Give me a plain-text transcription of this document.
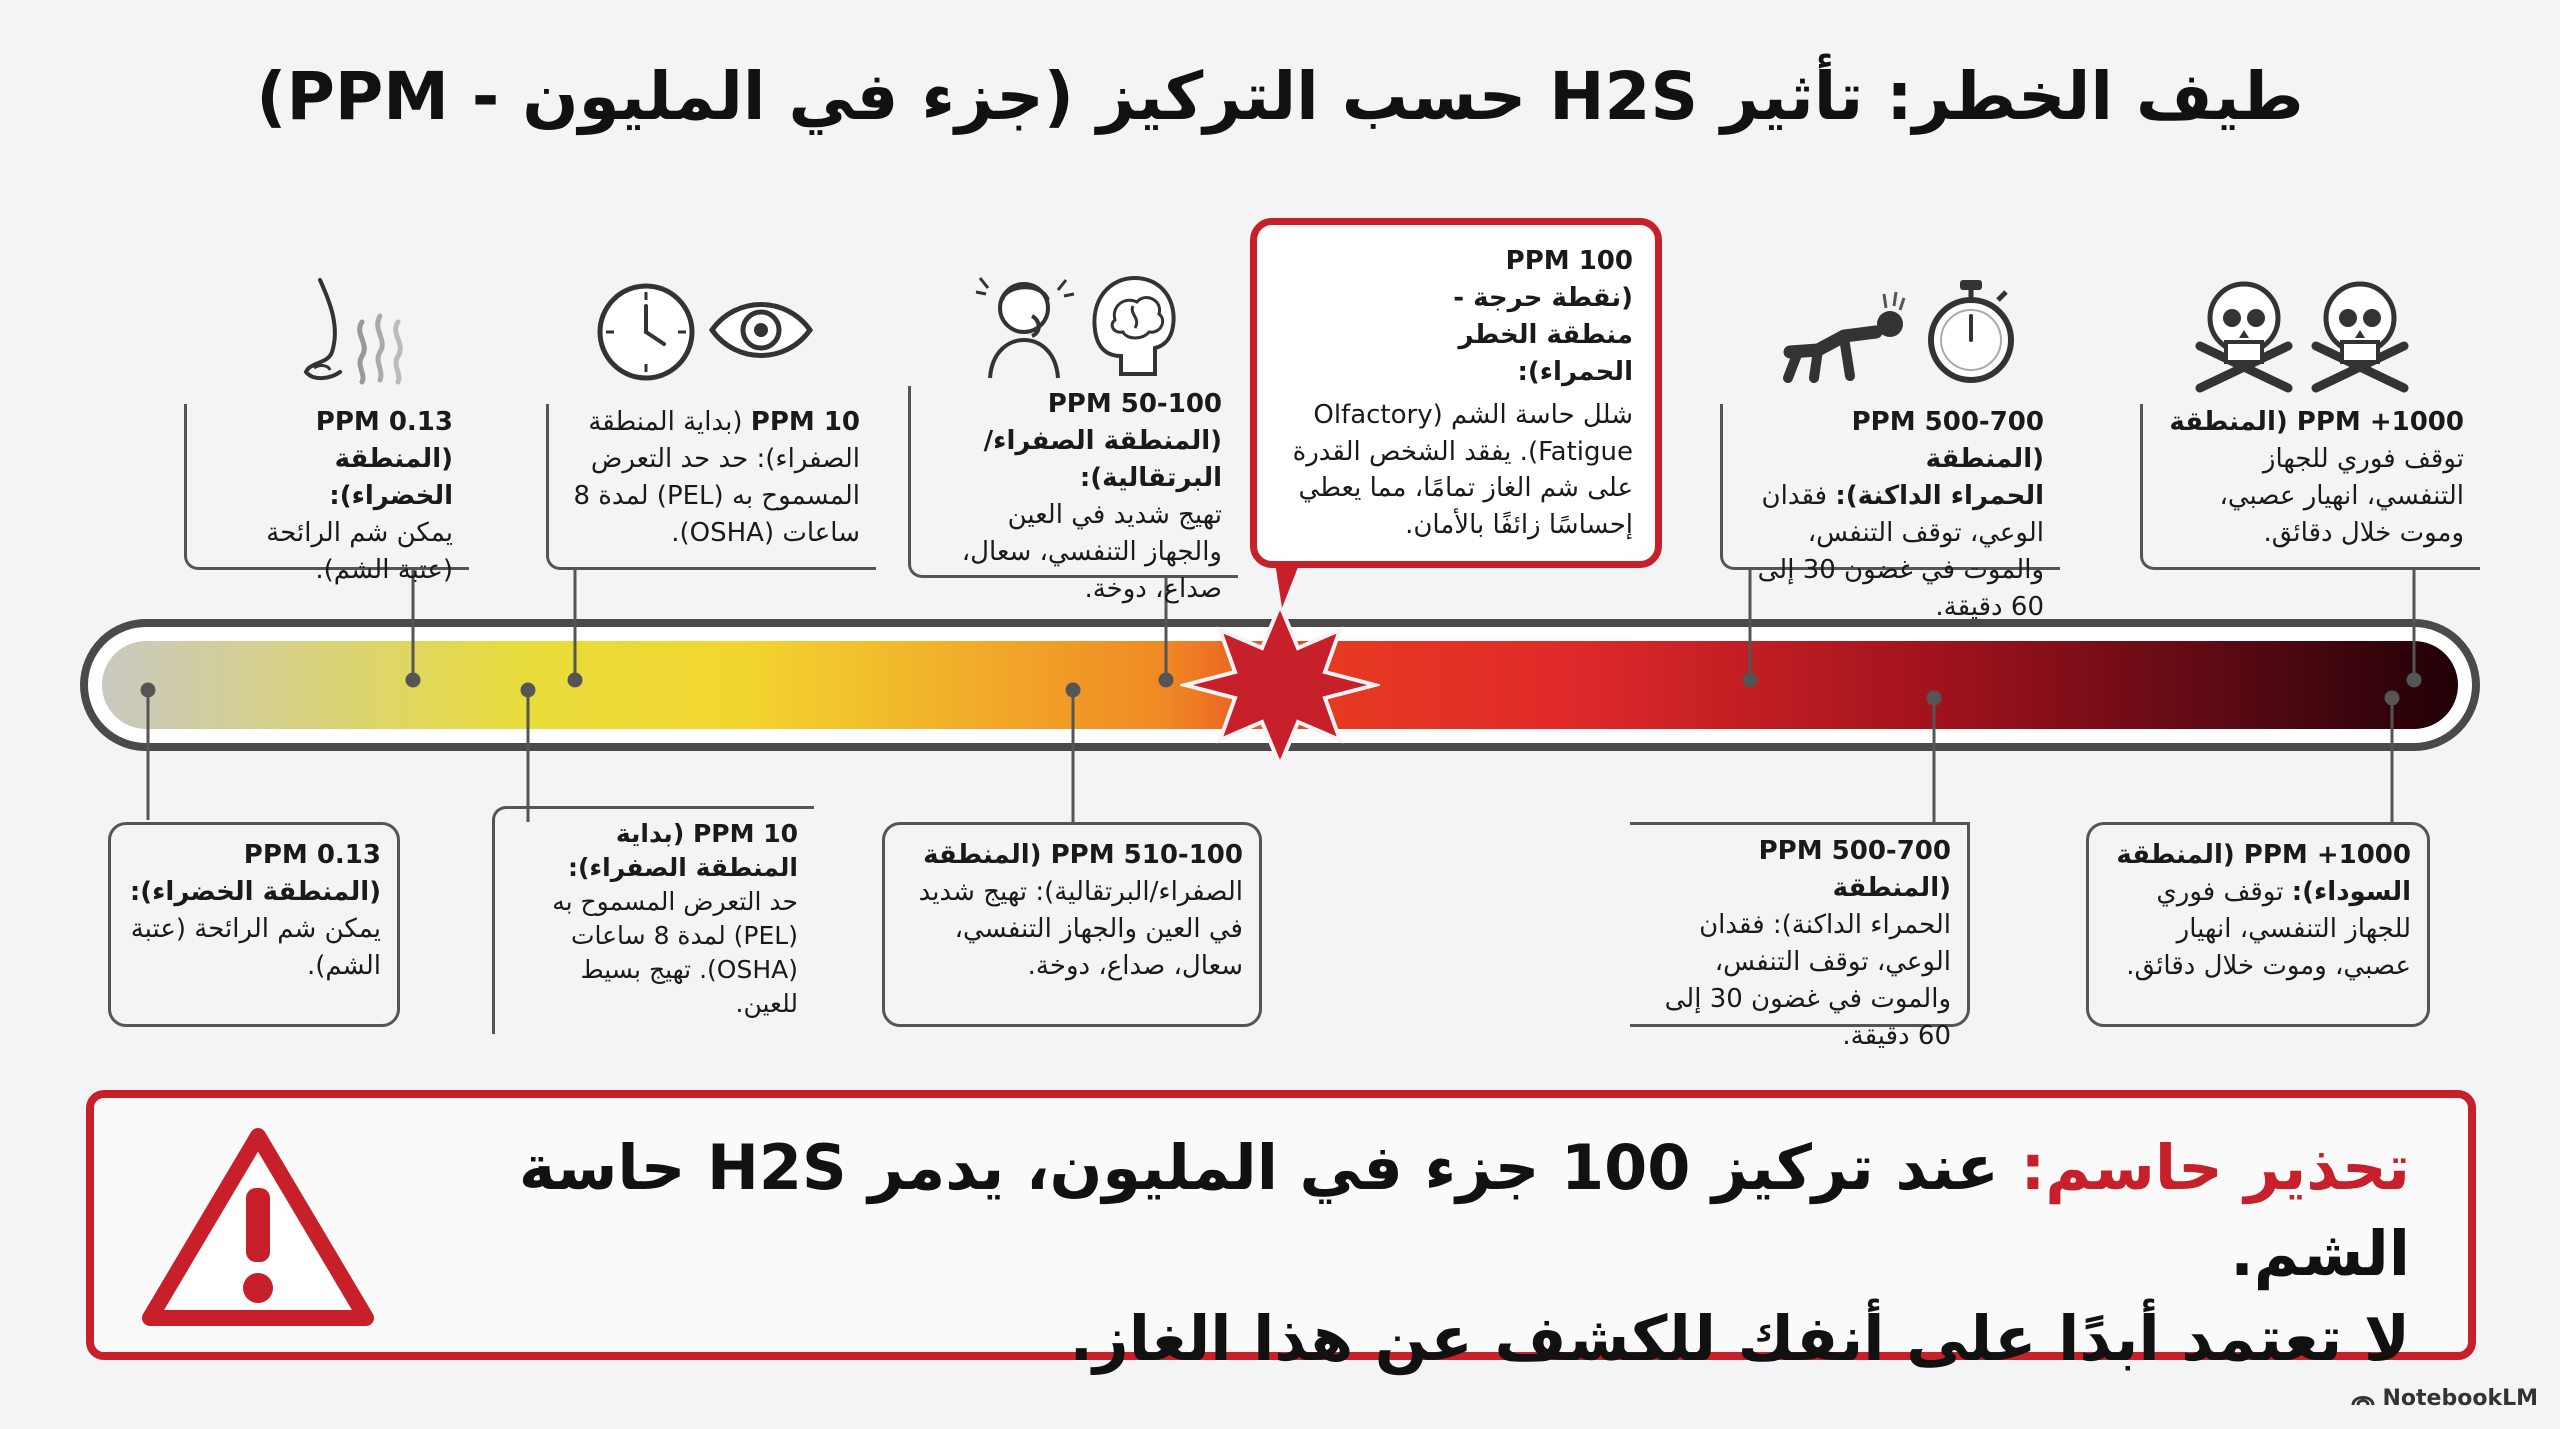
طيف الخطر: تأثير H2S حسب التركيز (جزء في المليون - PPM)
0.13 PPM
(المنطقة الخضراء):
يمكن شم الرائحة (عتبة الشم).
10 PPM (بداية المنطقة الصفراء): حد حد التعرض المسموح به (PEL) لمدة 8 ساعات (OSHA).
50-100 PPM
(المنطقة الصفراء/البرتقالية):
تهيج شديد في العين والجهاز التنفسي، سعال، صداع، دوخة.
100 PPM (نقطة حرجة - منطقة الخطر الحمراء):
شلل حاسة الشم (Olfactory Fatigue). يفقد الشخص القدرة على شم الغاز تمامًا، مما يعطي إحساسًا زائفًا بالأمان.
500-700 PPM (المنطقة
الحمراء الداكنة): فقدان الوعي، توقف التنفس، والموت في غضون 30 إلى 60 دقيقة.
1000+ PPM (المنطقة
توقف فوري للجهاز التنفسي، انهيار عصبي، وموت خلال دقائق.
0.13 PPM
(المنطقة الخضراء):
يمكن شم الرائحة (عتبة الشم).
10 PPM (بداية
المنطقة الصفراء):
حد التعرض المسموح به (PEL) لمدة 8 ساعات (OSHA). تهيج بسيط للعين.
510-100 PPM (المنطقة
الصفراء/البرتقالية): تهيج شديد في العين والجهاز التنفسي، سعال، صداع، دوخة.
500-700 PPM (المنطقة
الحمراء الداكنة): فقدان الوعي، توقف التنفس، والموت في غضون 30 إلى 60 دقيقة.
1000+ PPM (المنطقة
السوداء): توقف فوري للجهاز التنفسي، انهيار عصبي، وموت خلال دقائق.
تحذير حاسم: عند تركيز 100 جزء في المليون، يدمر H2S حاسة الشم.
لا تعتمد أبدًا على أنفك للكشف عن هذا الغاز.
NotebookLM
